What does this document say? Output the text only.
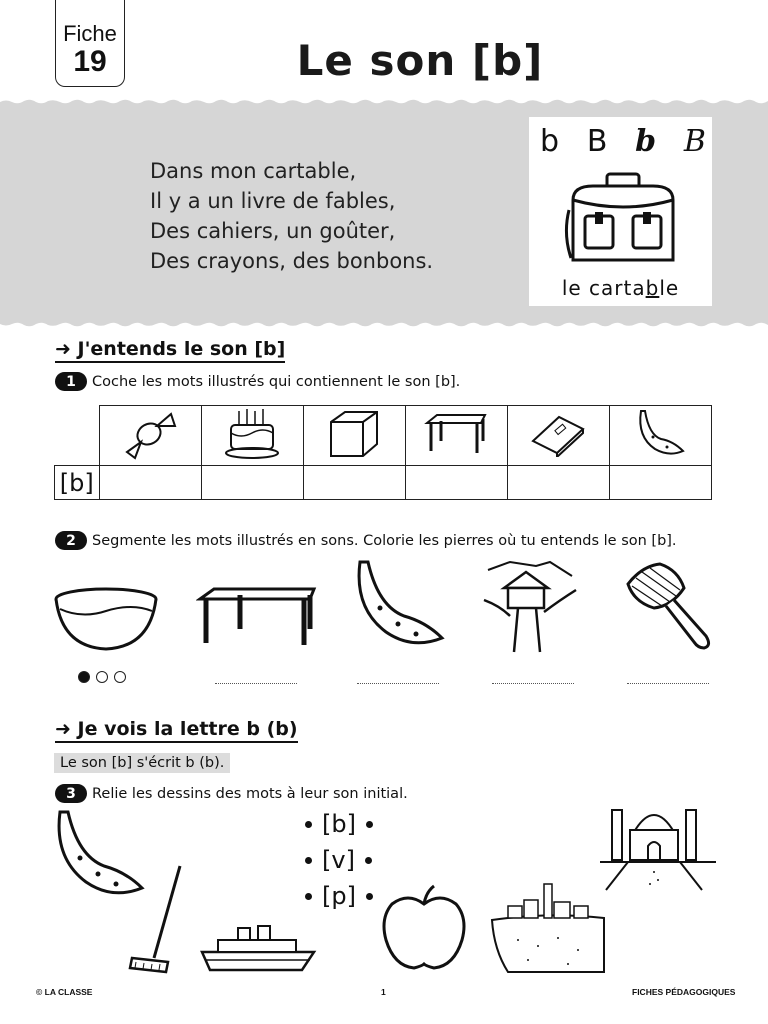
Fiche
19	Le son [b]
Dans mon cartable,
Il y a un livre de fables,
Des cahiers, un goûter,
Des crayons, des bonbons.
b B b B
le cartable
➜ J'entends le son [b]
1	Coche les mots illustrés qui contiennent le son [b].

[b]						
2	Segmente les mots illustrés en sons. Colorie les pierres où tu entends le son [b].
➜ Je vois la lettre b (b)
Le son [b] s'écrit b (b).
3	Relie les dessins des mots à leur son initial.
[b]
[v]
[p]
© LA CLASSE	1	FICHES PÉDAGOGIQUES
